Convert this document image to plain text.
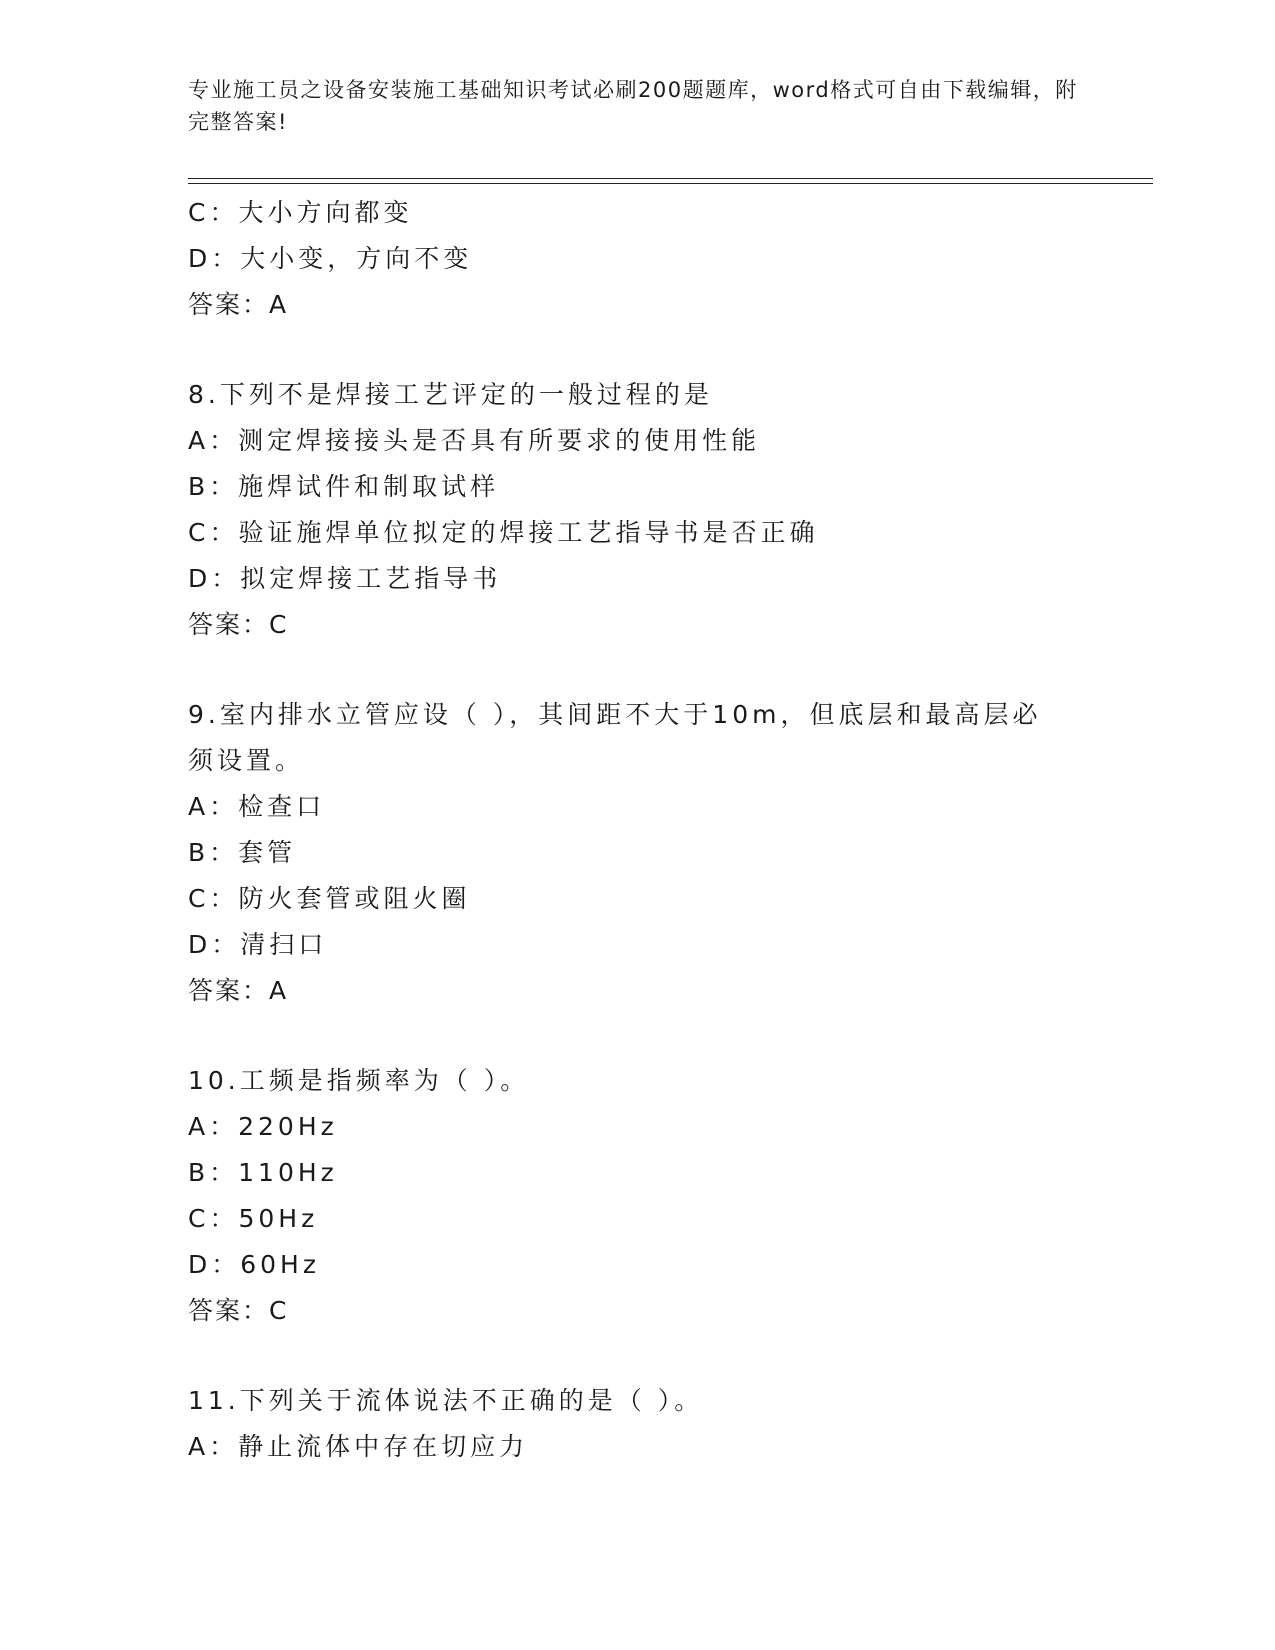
专业施工员之设备安装施工基础知识考试必刷200题题库，word格式可自由下载编辑，附完整答案!
C：大小方向都变
D：大小变，方向不变
答案：A
8.下列不是焊接工艺评定的一般过程的是
A：测定焊接接头是否具有所要求的使用性能
B：施焊试件和制取试样
C：验证施焊单位拟定的焊接工艺指导书是否正确
D：拟定焊接工艺指导书
答案：C
9.室内排水立管应设（ ），其间距不大于10m，但底层和最高层必须设置。
A：检查口
B：套管
C：防火套管或阻火圈
D：清扫口
答案：A
10.工频是指频率为（ ）。
A：220Hz
B：110Hz
C：50Hz
D：60Hz
答案：C
11.下列关于流体说法不正确的是（ ）。
A：静止流体中存在切应力
